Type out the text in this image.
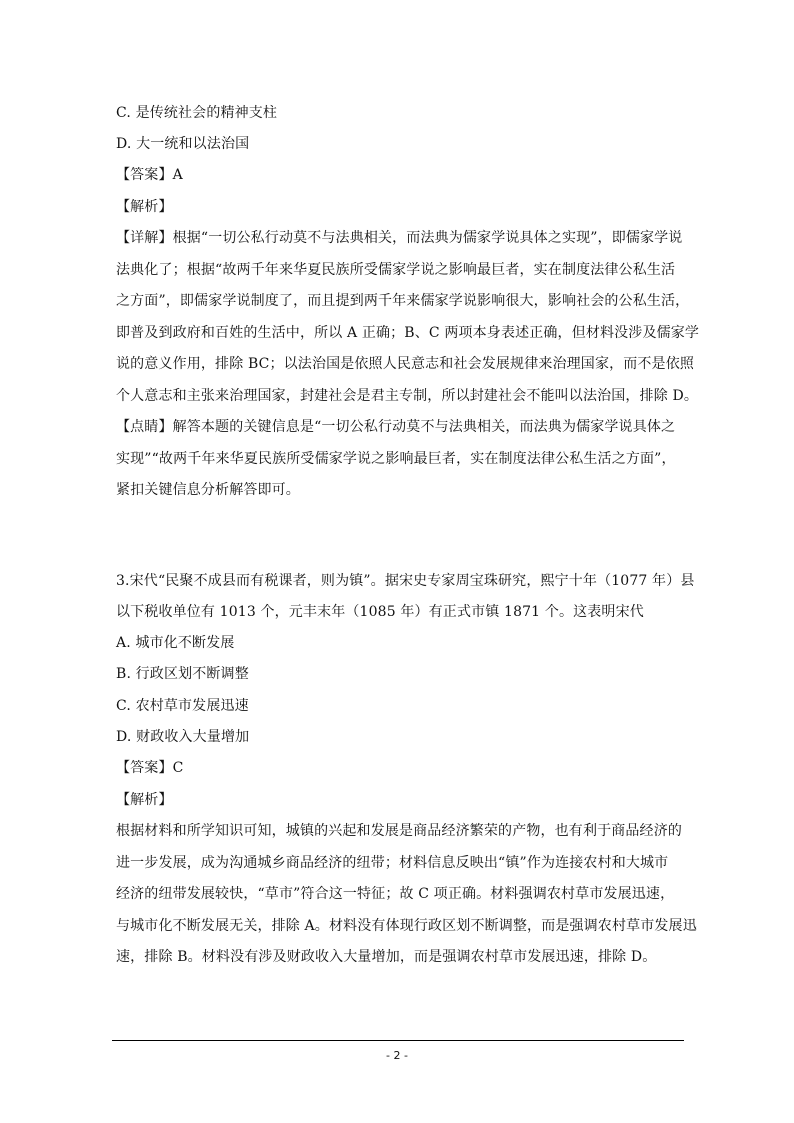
C. 是传统社会的精神支柱
D. 大一统和以法治国
【答案】A
【解析】
【详解】根据“一切公私行动莫不与法典相关，而法典为儒家学说具体之实现”，即儒家学说
法典化了；根据“故两千年来华夏民族所受儒家学说之影响最巨者，实在制度法律公私生活
之方面”，即儒家学说制度了，而且提到两千年来儒家学说影响很大，影响社会的公私生活，
即普及到政府和百姓的生活中，所以 A 正确；B、C 两项本身表述正确，但材料没涉及儒家学
说的意义作用，排除 BC；以法治国是依照人民意志和社会发展规律来治理国家，而不是依照
个人意志和主张来治理国家，封建社会是君主专制，所以封建社会不能叫以法治国，排除 D。
【点睛】解答本题的关键信息是“一切公私行动莫不与法典相关，而法典为儒家学说具体之
实现”“故两千年来华夏民族所受儒家学说之影响最巨者，实在制度法律公私生活之方面”，
紧扣关键信息分析解答即可。
3.宋代“民聚不成县而有税课者，则为镇”。据宋史专家周宝珠研究，熙宁十年（1077 年）县
以下税收单位有 1013 个，元丰末年（1085 年）有正式市镇 1871 个。这表明宋代
A. 城市化不断发展
B. 行政区划不断调整
C. 农村草市发展迅速
D. 财政收入大量增加
【答案】C
【解析】
根据材料和所学知识可知，城镇的兴起和发展是商品经济繁荣的产物，也有利于商品经济的
进一步发展，成为沟通城乡商品经济的纽带；材料信息反映出“镇”作为连接农村和大城市
经济的纽带发展较快，“草市”符合这一特征；故 C 项正确。材料强调农村草市发展迅速，
与城市化不断发展无关，排除 A。材料没有体现行政区划不断调整，而是强调农村草市发展迅
速，排除 B。材料没有涉及财政收入大量增加，而是强调农村草市发展迅速，排除 D。
- 2 -
